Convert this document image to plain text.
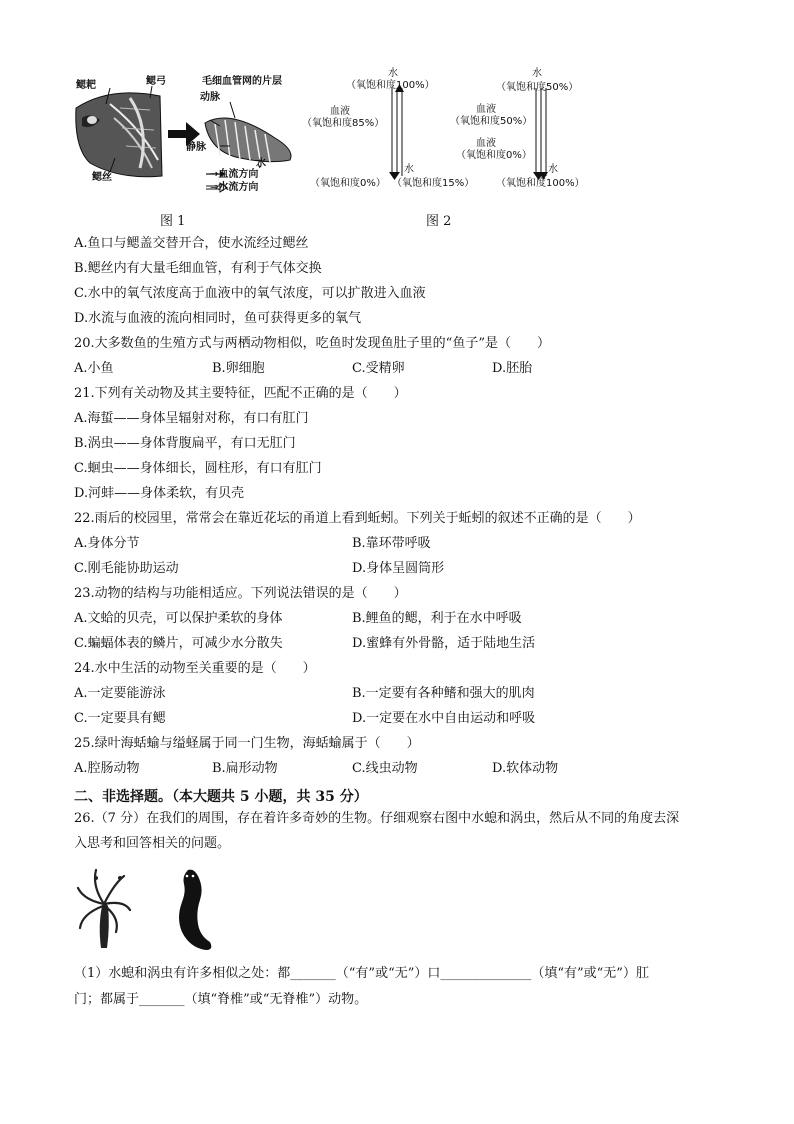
鳃耙	鳃弓
鳃丝
毛细血管网的片层
动脉
静脉
水
→血流方向
⇒水流方向
水
（氧饱和度100%）
血液
（氧饱和度85%）
（氧饱和度0%）
水
（氧饱和度15%）
水
（氧饱和度50%）
血液
（氧饱和度50%）
血液
（氧饱和度0%）
水
（氧饱和度100%）
图 1	图 2
A.鱼口与鳃盖交替开合，使水流经过鳃丝
B.鳃丝内有大量毛细血管，有利于气体交换
C.水中的氧气浓度高于血液中的氧气浓度，可以扩散进入血液
D.水流与血液的流向相同时，鱼可获得更多的氧气
20.大多数鱼的生殖方式与两栖动物相似，吃鱼时发现鱼肚子里的“鱼子”是（　　）
A.小鱼	B.卵细胞	C.受精卵	D.胚胎
21.下列有关动物及其主要特征，匹配不正确的是（　　）
A.海蜇——身体呈辐射对称，有口有肛门
B.涡虫——身体背腹扁平，有口无肛门
C.蛔虫——身体细长，圆柱形，有口有肛门
D.河蚌——身体柔软，有贝壳
22.雨后的校园里，常常会在靠近花坛的甬道上看到蚯蚓。下列关于蚯蚓的叙述不正确的是（　　）
A.身体分节	B.靠环带呼吸
C.刚毛能协助运动	D.身体呈圆筒形
23.动物的结构与功能相适应。下列说法错误的是（　　）
A.文蛤的贝壳，可以保护柔软的身体	B.鲤鱼的鳃，利于在水中呼吸
C.蝙蝠体表的鳞片，可减少水分散失	D.蜜蜂有外骨骼，适于陆地生活
24.水中生活的动物至关重要的是（　　）
A.一定要能游泳	B.一定要有各种鳍和强大的肌肉
C.一定要具有鳃	D.一定要在水中自由运动和呼吸
25.绿叶海蛞蝓与缢蛏属于同一门生物，海蛞蝓属于（　　）
A.腔肠动物	B.扁形动物	C.线虫动物	D.软体动物
二、非选择题。（本大题共 5 小题，共 35 分）
26.（7 分）在我们的周围，存在着许多奇妙的生物。仔细观察右图中水螅和涡虫，然后从不同的角度去深
入思考和回答相关的问题。
（1）水螅和涡虫有许多相似之处：都_______（“有”或“无”）口______________（填“有”或“无”）肛
门；都属于_______（填“脊椎”或“无脊椎”）动物。
